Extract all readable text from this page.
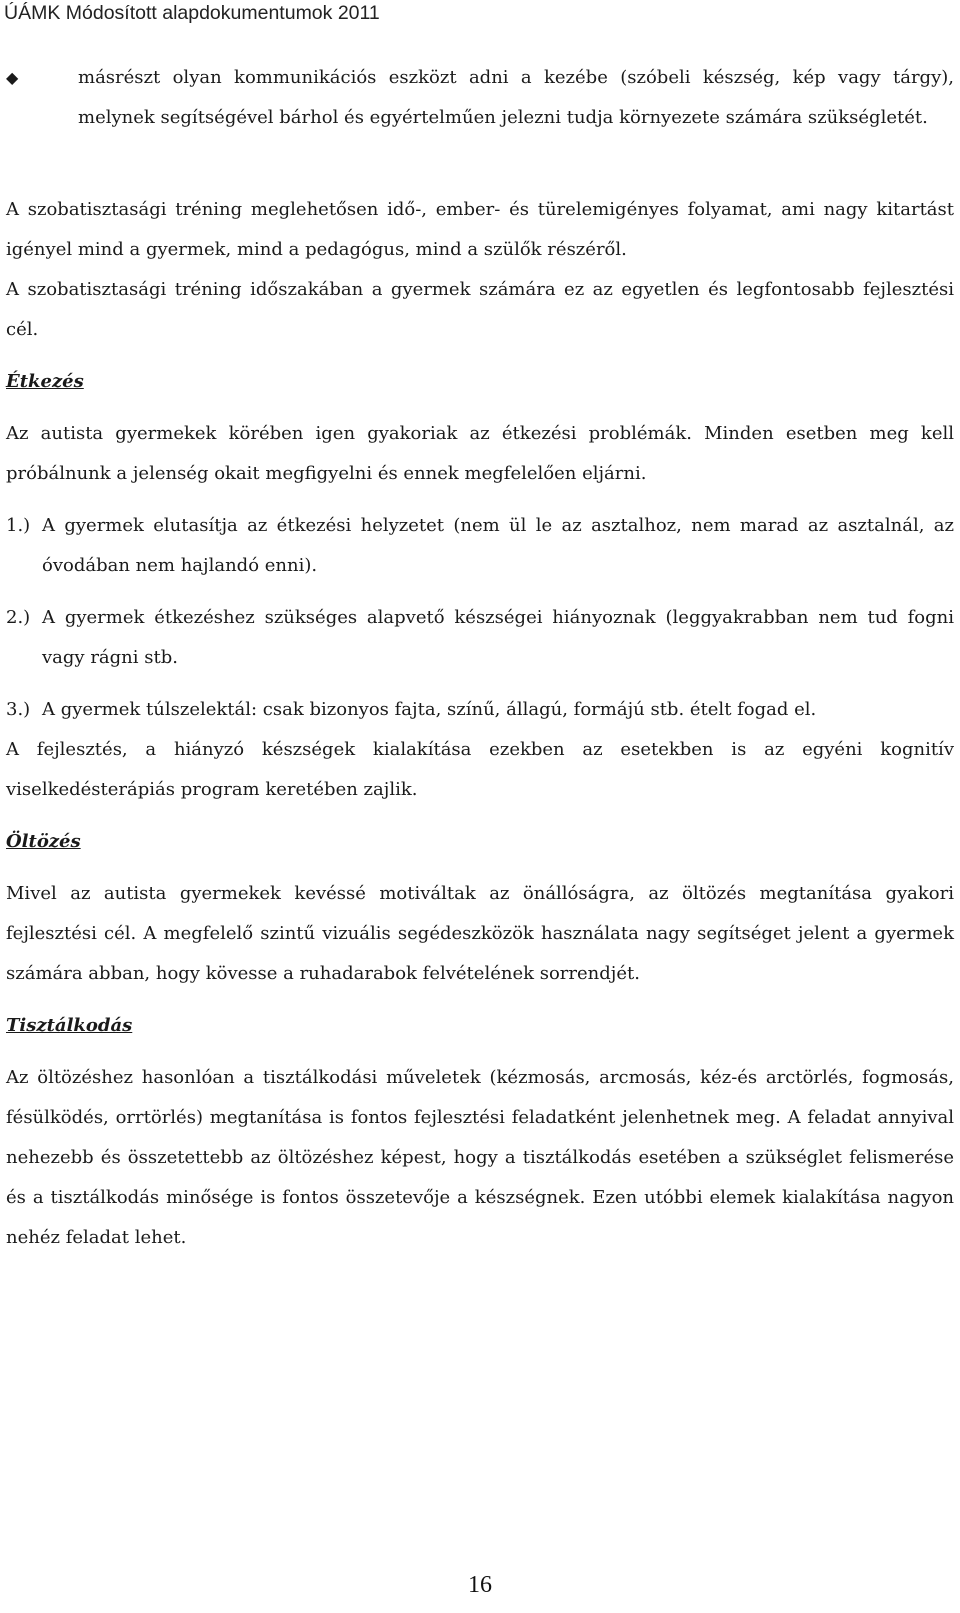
ÚÁMK Módosított alapdokumentumok 2011
◆	másrészt olyan kommunikációs eszközt adni a kezébe (szóbeli készség, kép vagy tárgy), melynek segítségével bárhol és egyértelműen jelezni tudja környezete számára szükségletét.

A szobatisztasági tréning meglehetősen idő-, ember- és türelemigényes folyamat, ami nagy kitartást igényel mind a gyermek, mind a pedagógus, mind a szülők részéről.

A szobatisztasági tréning időszakában a gyermek számára ez az egyetlen és legfontosabb fejlesztési cél.

Étkezés

Az autista gyermekek körében igen gyakoriak az étkezési problémák. Minden esetben meg kell próbálnunk a jelenség okait megfigyelni és ennek megfelelően eljárni.

1.) A gyermek elutasítja az étkezési helyzetet (nem ül le az asztalhoz, nem marad az asztalnál, az óvodában nem hajlandó enni).
2.) A gyermek étkezéshez szükséges alapvető készségei hiányoznak (leggyakrabban nem tud fogni vagy rágni stb.
3.) A gyermek túlszelektál: csak bizonyos fajta, színű, állagú, formájú stb. ételt fogad el.

A fejlesztés, a hiányzó készségek kialakítása ezekben az esetekben is az egyéni kognitív viselkedésterápiás program keretében zajlik.

Öltözés

Mivel az autista gyermekek kevéssé motiváltak az önállóságra, az öltözés megtanítása gyakori fejlesztési cél. A megfelelő szintű vizuális segédeszközök használata nagy segítséget jelent a gyermek számára abban, hogy kövesse a ruhadarabok felvételének sorrendjét.

Tisztálkodás

Az öltözéshez hasonlóan a tisztálkodási műveletek (kézmosás, arcmosás, kéz-és arctörlés, fogmosás, fésülködés, orrtörlés) megtanítása is fontos fejlesztési feladatként jelenhetnek meg. A feladat annyival nehezebb és összetettebb az öltözéshez képest, hogy a tisztálkodás esetében a szükséglet felismerése és a tisztálkodás minősége is fontos összetevője a készségnek. Ezen utóbbi elemek kialakítása nagyon nehéz feladat lehet.

16
